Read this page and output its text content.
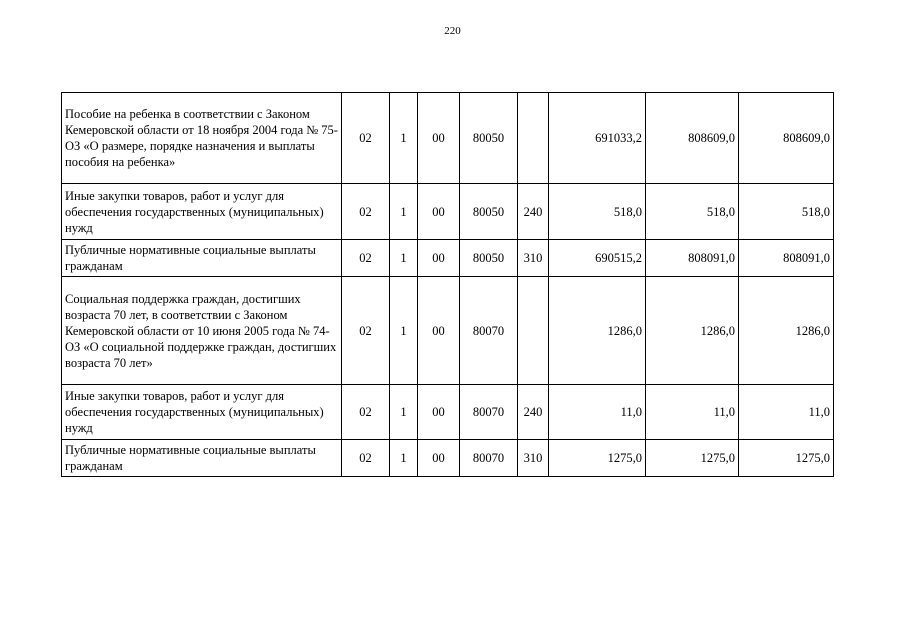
220
Пособие на ребенка в соответствии с Законом Кемеровской области от 18 ноября 2004 года № 75-ОЗ «О размере, порядке назначения и выплаты пособия на ребенка»	02	1	00	80050		691033,2	808609,0	808609,0
Иные закупки товаров, работ и услуг для обеспечения государственных (муниципальных) нужд	02	1	00	80050	240	518,0	518,0	518,0
Публичные нормативные социальные выплаты гражданам	02	1	00	80050	310	690515,2	808091,0	808091,0
Социальная поддержка граждан, достигших возраста 70 лет, в соответствии с Законом Кемеровской области от 10 июня 2005 года № 74-ОЗ «О социальной поддержке граждан, достигших возраста 70 лет»	02	1	00	80070		1286,0	1286,0	1286,0
Иные закупки товаров, работ и услуг для обеспечения государственных (муниципальных) нужд	02	1	00	80070	240	11,0	11,0	11,0
Публичные нормативные социальные выплаты гражданам	02	1	00	80070	310	1275,0	1275,0	1275,0
